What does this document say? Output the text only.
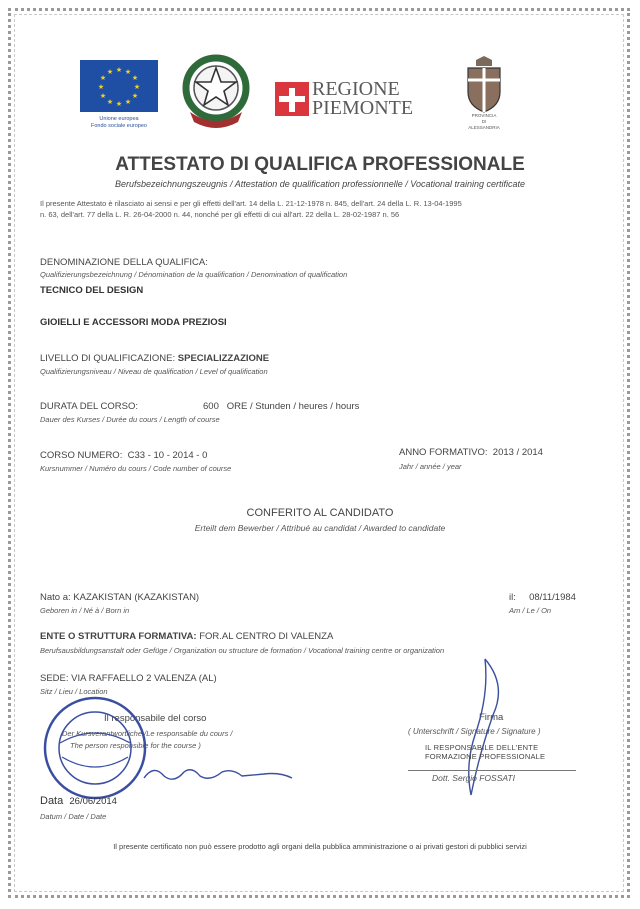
★ ★
★
★
★
★
★
★
★
★
★
★
Unione europea
Fondo sociale europeo
REGIONE
PIEMONTE	PROVINCIA
DI
ALESSANDRIA
ATTESTATO DI QUALIFICA PROFESSIONALE
Berufsbezeichnungszeugnis / Attestation de qualification professionnelle / Vocational training certificate
Il presente Attestato è rilasciato ai sensi e per gli effetti dell'art. 14 della L. 21-12-1978 n. 845, dell'art. 24 della L. R. 13-04-1995
n. 63, dell'art. 77 della L. R. 26-04-2000 n. 44, nonché per gli effetti di cui all'art. 22 della L. 28-02-1987 n. 56
DENOMINAZIONE DELLA QUALIFICA:
Qualifizierungsbezeichnung / Dénomination de la qualification / Denomination of qualification
TECNICO DEL DESIGN
GIOIELLI E ACCESSORI MODA PREZIOSI
LIVELLO DI QUALIFICAZIONE: SPECIALIZZAZIONE
Qualifizierungsniveau / Niveau de qualification / Level of qualification
DURATA DEL CORSO:	600 ORE / Stunden / heures / hours
Dauer des Kurses / Durée du cours / Length of course
CORSO NUMERO: C33 - 10 - 2014 - 0
Kursnummer / Numéro du cours / Code number of course
ANNO FORMATIVO: 2013 / 2014
Jahr / année / year
CONFERITO AL CANDIDATO
Erteilt dem Bewerber / Attribué au candidat / Awarded to candidate
Nato a: KAZAKISTAN (KAZAKISTAN)
Geboren in / Né à / Born in
il: 08/11/1984
Am / Le / On
ENTE O STRUTTURA FORMATIVA: FOR.AL CENTRO DI VALENZA
Berufsausbildungsanstalt oder Gefüge / Organization ou structure de formation / Vocational training centre or organization
SEDE: VIA RAFFAELLO 2 VALENZA (AL)
Sitz / Lieu / Location
Il responsabile del corso
Der Kursverantwortliche /Le responsable du cours /
The person responsible for the course )
Firma
( Unterschrift / Signature / Signature )
IL RESPONSABILE DELL'ENTE
FORMAZIONE PROFESSIONALE
Dott. Sergio FOSSATI
Data 26/06/2014
Datum / Date / Date
Il presente certificato non può essere prodotto agli organi della pubblica amministrazione o ai privati gestori di pubblici servizi
